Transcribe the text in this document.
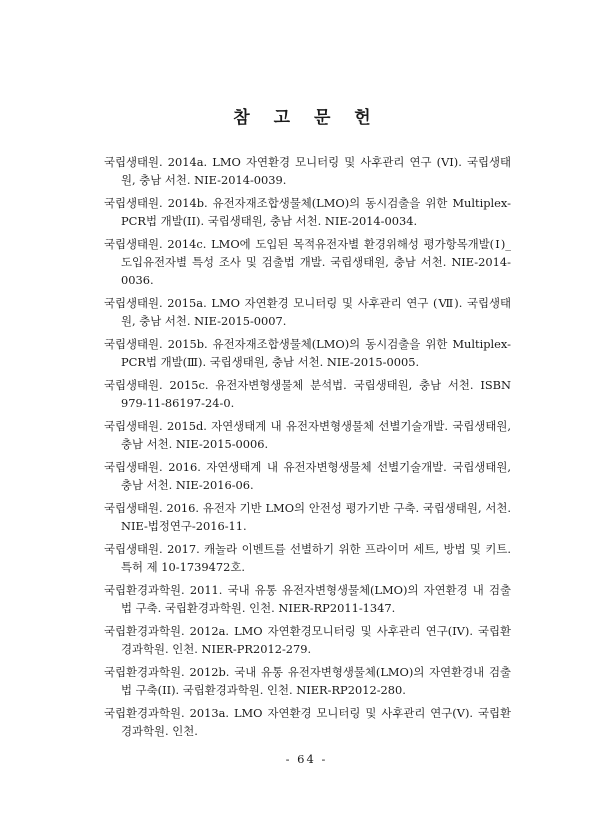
참 고 문 헌

국립생태원. 2014a. LMO 자연환경 모니터링 및 사후관리 연구 (VI). 국립생태원, 충남 서천. NIE-2014-0039.

국립생태원. 2014b. 유전자재조합생물체(LMO)의 동시검출을 위한 Multiplex-PCR법 개발(II). 국립생태원, 충남 서천. NIE-2014-0034.

국립생태원. 2014c. LMO에 도입된 목적유전자별 환경위해성 평가항목개발(Ⅰ)_도입유전자별 특성 조사 및 검출법 개발. 국립생태원, 충남 서천. NIE-2014-0036.

국립생태원. 2015a. LMO 자연환경 모니터링 및 사후관리 연구 (Ⅶ). 국립생태원, 충남 서천. NIE-2015-0007.

국립생태원. 2015b. 유전자재조합생물체(LMO)의 동시검출을 위한 Multiplex-PCR법 개발(Ⅲ). 국립생태원, 충남 서천. NIE-2015-0005.

국립생태원. 2015c. 유전자변형생물체 분석법. 국립생태원, 충남 서천. ISBN 979-11-86197-24-0.

국립생태원. 2015d. 자연생태계 내 유전자변형생물체 선별기술개발. 국립생태원, 충남 서천. NIE-2015-0006.

국립생태원. 2016. 자연생태계 내 유전자변형생물체 선별기술개발. 국립생태원, 충남 서천. NIE-2016-06.

국립생태원. 2016. 유전자 기반 LMO의 안전성 평가기반 구축. 국립생태원, 서천. NIE-법정연구-2016-11.

국립생태원. 2017. 캐놀라 이벤트를 선별하기 위한 프라이머 세트, 방법 및 키트. 특허 제 10-1739472호.

국립환경과학원. 2011. 국내 유통 유전자변형생물체(LMO)의 자연환경 내 검출법 구축. 국립환경과학원. 인천. NIER-RP2011-1347.

국립환경과학원. 2012a. LMO 자연환경모니터링 및 사후관리 연구(IV). 국립환경과학원. 인천. NIER-PR2012-279.

국립환경과학원. 2012b. 국내 유통 유전자변형생물체(LMO)의 자연환경내 검출법 구축(II). 국립환경과학원. 인천. NIER-RP2012-280.

국립환경과학원. 2013a. LMO 자연환경 모니터링 및 사후관리 연구(V). 국립환경과학원. 인천.

- 64 -
